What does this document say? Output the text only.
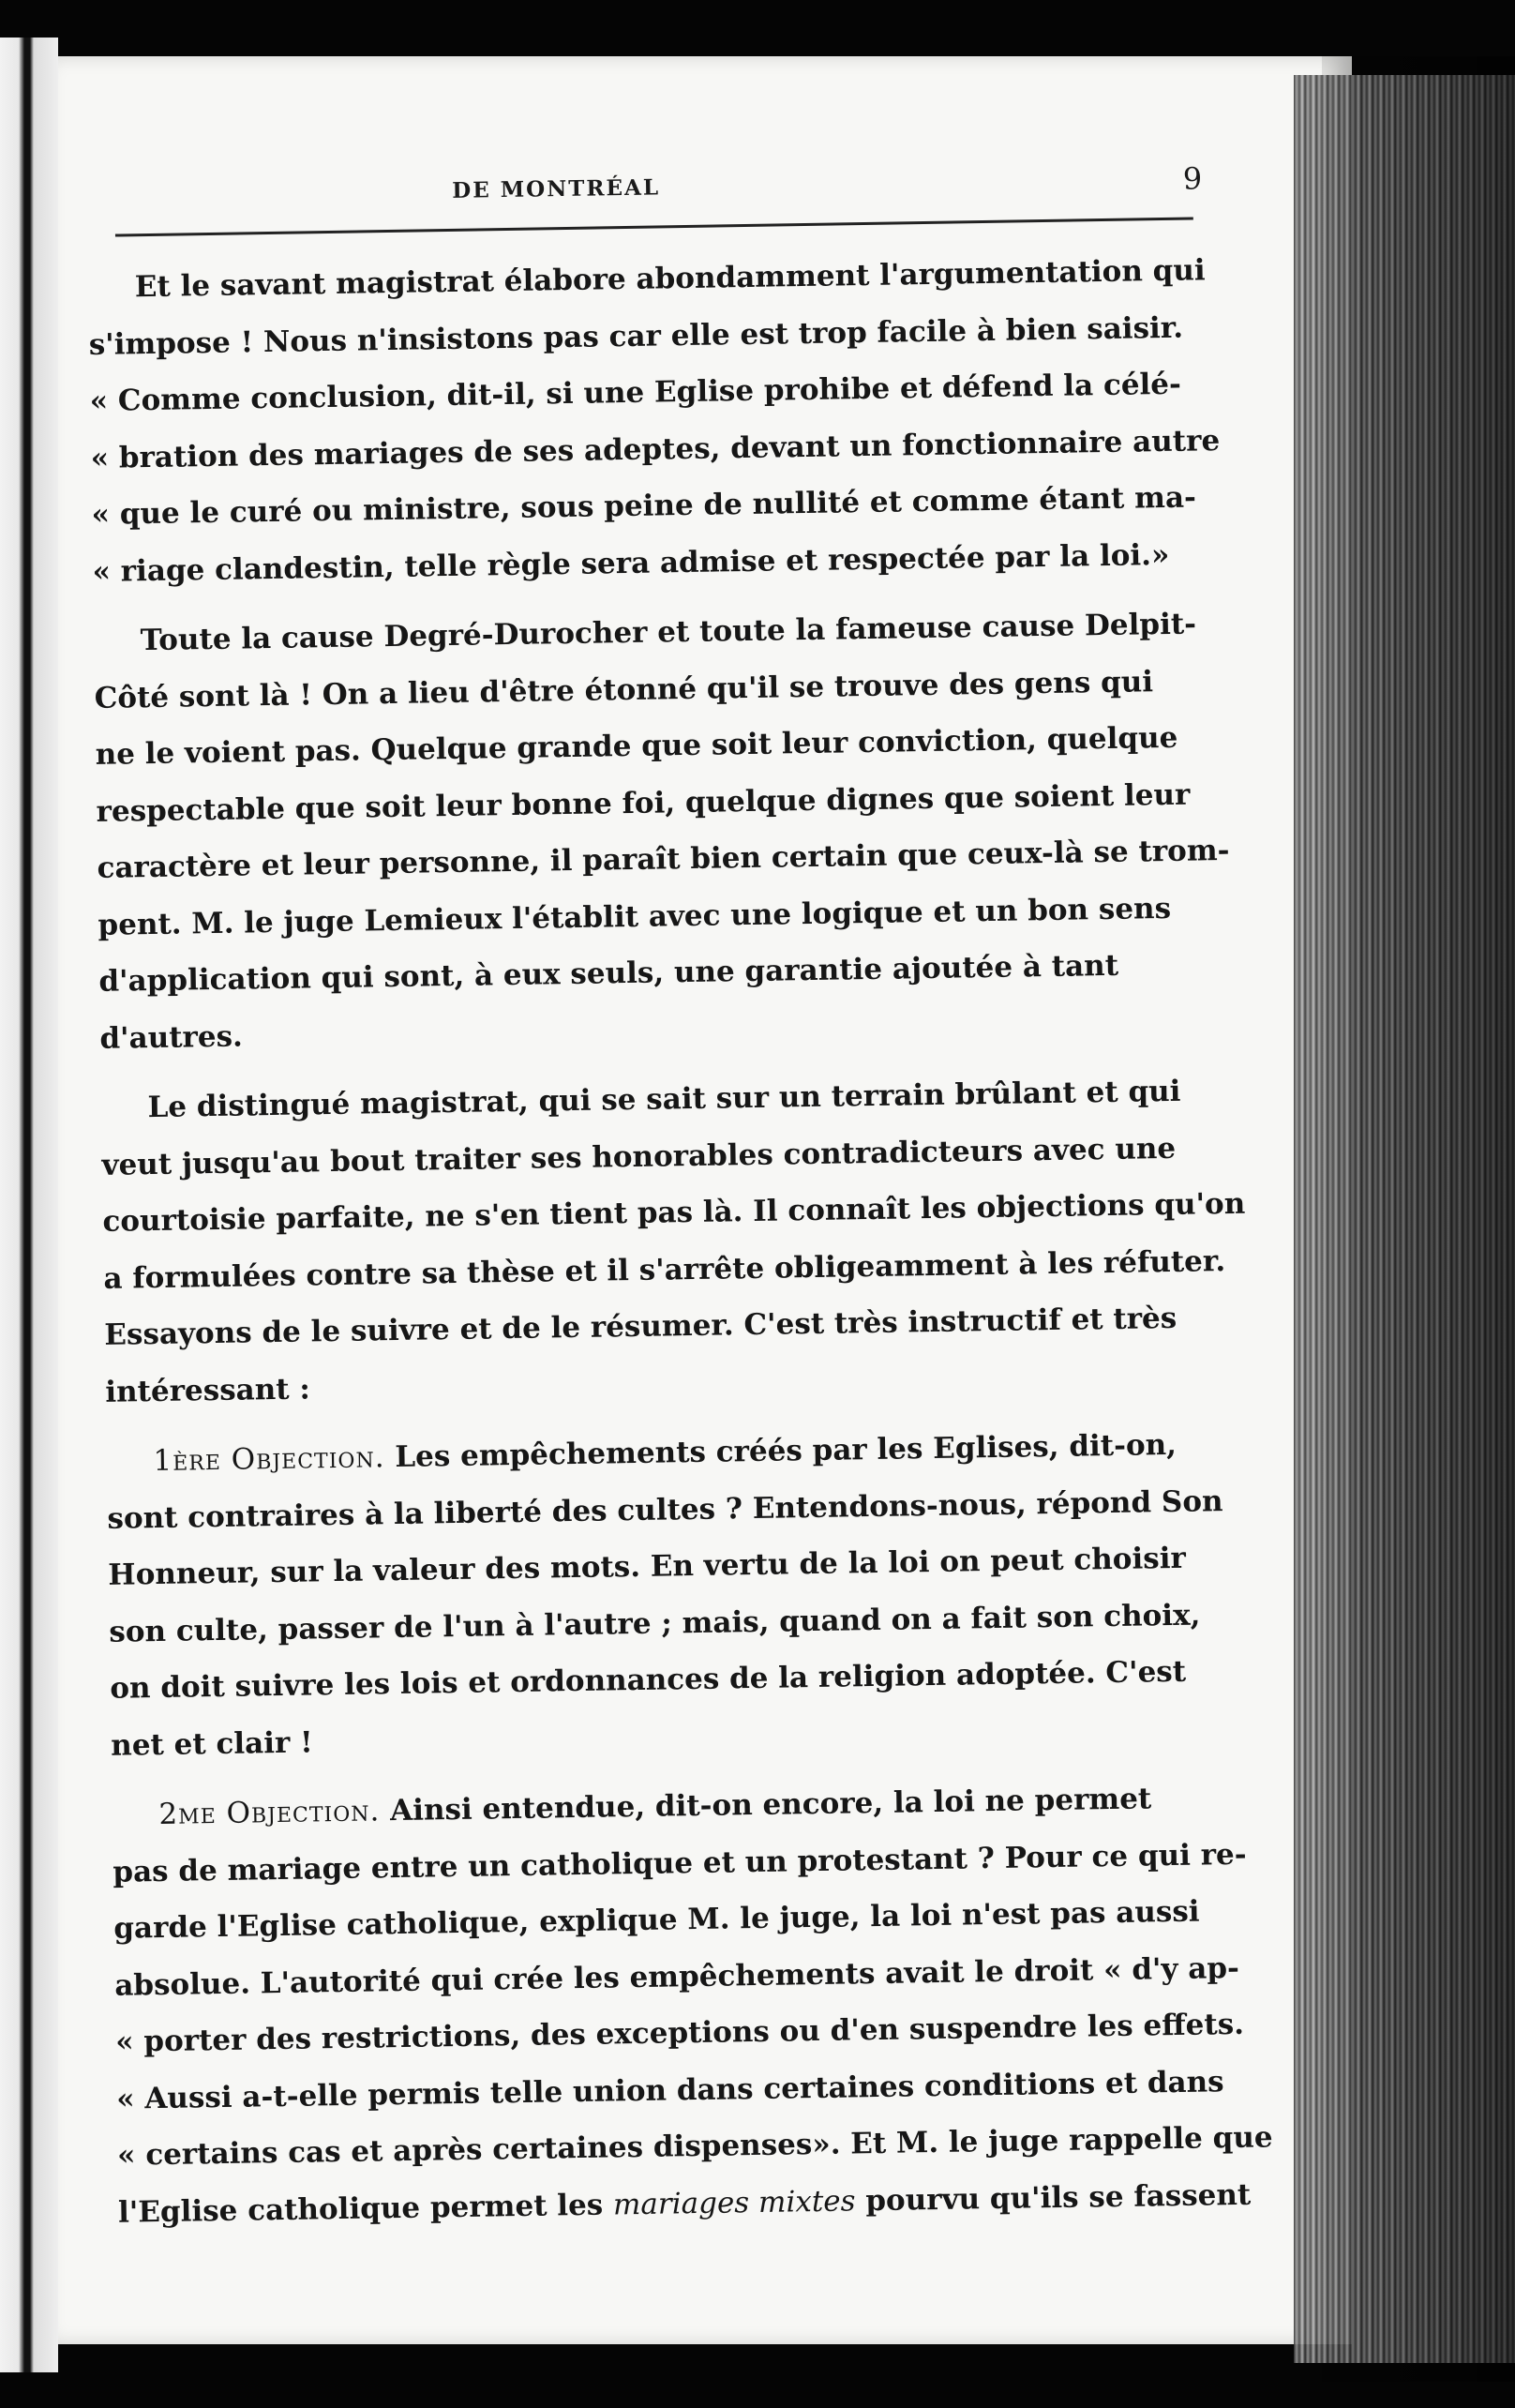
DE MONTRÉAL	9

Et le savant magistrat élabore abondamment l'argumentation qui
s'impose ! Nous n'insistons pas car elle est trop facile à bien saisir.
« Comme conclusion, dit-il, si une Eglise prohibe et défend la célé-
« bration des mariages de ses adeptes, devant un fonctionnaire autre
« que le curé ou ministre, sous peine de nullité et comme étant ma-
« riage clandestin, telle règle sera admise et respectée par la loi.»

Toute la cause Degré-Durocher et toute la fameuse cause Delpit-
Côté sont là ! On a lieu d'être étonné qu'il se trouve des gens qui
ne le voient pas. Quelque grande que soit leur conviction, quelque
respectable que soit leur bonne foi, quelque dignes que soient leur
caractère et leur personne, il paraît bien certain que ceux-là se trom-
pent. M. le juge Lemieux l'établit avec une logique et un bon sens
d'application qui sont, à eux seuls, une garantie ajoutée à tant
d'autres.

Le distingué magistrat, qui se sait sur un terrain brûlant et qui
veut jusqu'au bout traiter ses honorables contradicteurs avec une
courtoisie parfaite, ne s'en tient pas là. Il connaît les objections qu'on
a formulées contre sa thèse et il s'arrête obligeamment à les réfuter.
Essayons de le suivre et de le résumer. C'est très instructif et très
intéressant :

1ère Objection. Les empêchements créés par les Eglises, dit-on,
sont contraires à la liberté des cultes ? Entendons-nous, répond Son
Honneur, sur la valeur des mots. En vertu de la loi on peut choisir
son culte, passer de l'un à l'autre ; mais, quand on a fait son choix,
on doit suivre les lois et ordonnances de la religion adoptée. C'est
net et clair !

2me Objection. Ainsi entendue, dit-on encore, la loi ne permet
pas de mariage entre un catholique et un protestant ? Pour ce qui re-
garde l'Eglise catholique, explique M. le juge, la loi n'est pas aussi
absolue. L'autorité qui crée les empêchements avait le droit « d'y ap-
« porter des restrictions, des exceptions ou d'en suspendre les effets.
« Aussi a-t-elle permis telle union dans certaines conditions et dans
« certains cas et après certaines dispenses». Et M. le juge rappelle que
l'Eglise catholique permet les mariages mixtes pourvu qu'ils se fassent
